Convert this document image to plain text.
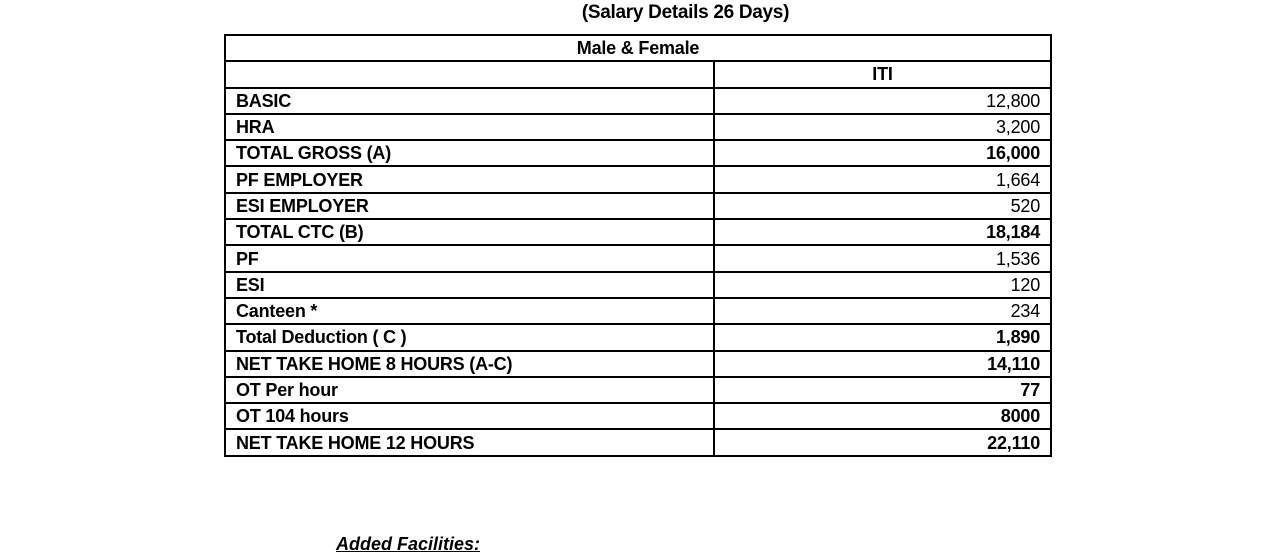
(Salary Details 26 Days)
Male & Female	
	ITI
BASIC	12,800
HRA	3,200
TOTAL GROSS (A)	16,000
PF EMPLOYER	1,664
ESI EMPLOYER	520
TOTAL CTC (B)	18,184
PF	1,536
ESI	120
Canteen *	234
Total Deduction ( C )	1,890
NET TAKE HOME 8 HOURS (A-C)	14,110
OT Per hour	77
OT 104 hours	8000
NET TAKE HOME 12 HOURS	22,110
Added Facilities:
